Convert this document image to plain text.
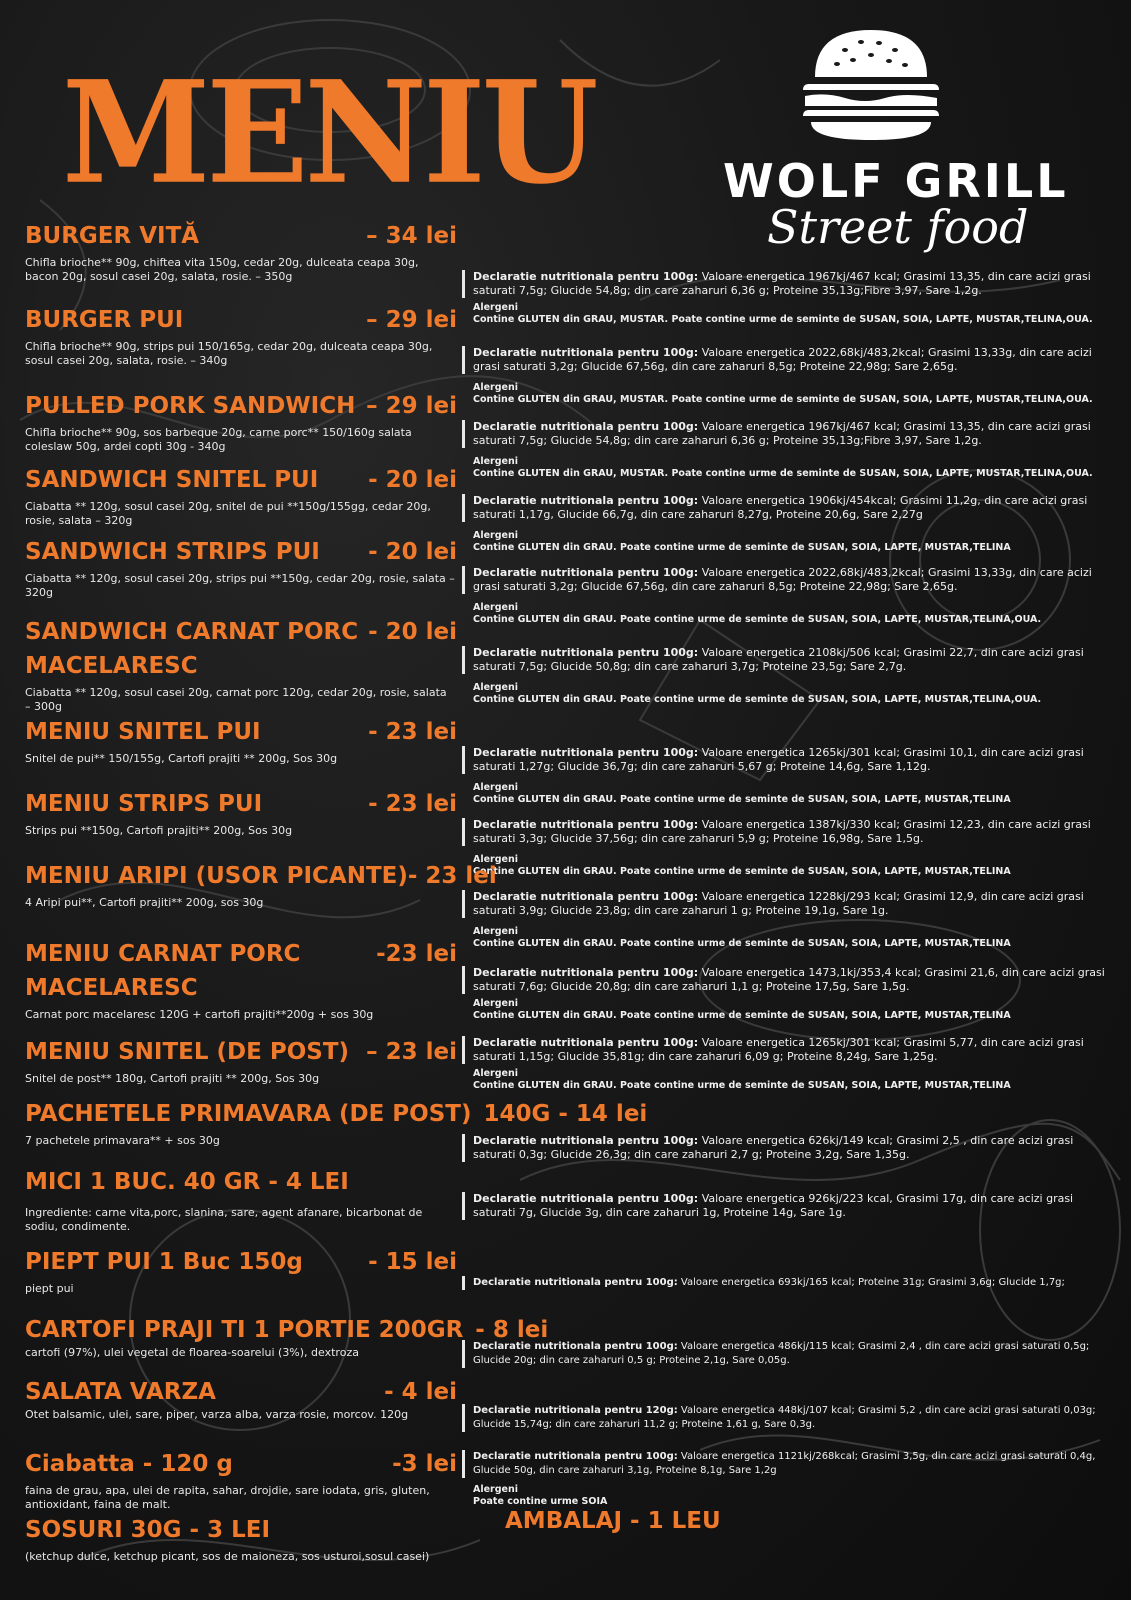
MENIU	WOLF GRILL
Street food
BURGER VITĂ	– 34 lei
Chifla brioche** 90g, chiftea vita 150g, cedar 20g, dulceata ceapa 30g, bacon 20g, sosul casei 20g, salata, rosie. – 350g	Declaratie nutritionala pentru 100g: Valoare energetica 1967kj/467 kcal; Grasimi 13,35, din care acizi grasi saturati 7,5g; Glucide 54,8g; din care zaharuri 6,36 g; Proteine 35,13g;Fibre 3,97, Sare 1,2g.
Alergeni
Contine GLUTEN din GRAU, MUSTAR. Poate contine urme de seminte de SUSAN, SOIA, LAPTE, MUSTAR,TELINA,OUA.
BURGER PUI	– 29 lei
Chifla brioche** 90g, strips pui 150/165g, cedar 20g, dulceata ceapa 30g, sosul casei 20g, salata, rosie. – 340g
Declaratie nutritionala pentru 100g: Valoare energetica 2022,68kj/483,2kcal; Grasimi 13,33g, din care acizi grasi saturati 3,2g; Glucide 67,56g, din care zaharuri 8,5g; Proteine 22,98g; Sare 2,65g.
Alergeni
Contine GLUTEN din GRAU, MUSTAR. Poate contine urme de seminte de SUSAN, SOIA, LAPTE, MUSTAR,TELINA,OUA.
PULLED PORK SANDWICH – 29 lei
Chifla brioche** 90g, sos barbeque 20g, carne porc** 150/160g salata coleslaw 50g, ardei copti 30g - 340g
Declaratie nutritionala pentru 100g: Valoare energetica 1967kj/467 kcal; Grasimi 13,35, din care acizi grasi saturati 7,5g; Glucide 54,8g; din care zaharuri 6,36 g; Proteine 35,13g;Fibre 3,97, Sare 1,2g.
Alergeni
Contine GLUTEN din GRAU, MUSTAR. Poate contine urme de seminte de SUSAN, SOIA, LAPTE, MUSTAR,TELINA,OUA.
SANDWICH SNITEL PUI - 20 lei
Ciabatta ** 120g, sosul casei 20g, snitel de pui **150g/155gg, cedar 20g, rosie, salata – 320g
Declaratie nutritionala pentru 100g: Valoare energetica 1906kj/454kcal; Grasimi 11,2g, din care acizi grasi saturati 1,17g, Glucide 66,7g, din care zaharuri 8,27g, Proteine 20,6g, Sare 2,27g
Alergeni
Contine GLUTEN din GRAU. Poate contine urme de seminte de SUSAN, SOIA, LAPTE, MUSTAR,TELINA
SANDWICH STRIPS PUI - 20 lei
Ciabatta ** 120g, sosul casei 20g, strips pui **150g, cedar 20g, rosie, salata – 320g
Declaratie nutritionala pentru 100g: Valoare energetica 2022,68kj/483,2kcal; Grasimi 13,33g, din care acizi grasi saturati 3,2g; Glucide 67,56g, din care zaharuri 8,5g; Proteine 22,98g; Sare 2,65g.
Alergeni
Contine GLUTEN din GRAU. Poate contine urme de seminte de SUSAN, SOIA, LAPTE, MUSTAR,TELINA,OUA.
SANDWICH CARNAT PORC - 20 lei
MACELARESC
Ciabatta ** 120g, sosul casei 20g, carnat porc 120g, cedar 20g, rosie, salata – 300g
Declaratie nutritionala pentru 100g: Valoare energetica 2108kj/506 kcal; Grasimi 22,7, din care acizi grasi saturati 7,5g; Glucide 50,8g; din care zaharuri 3,7g; Proteine 23,5g; Sare 2,7g.
Alergeni
Contine GLUTEN din GRAU. Poate contine urme de seminte de SUSAN, SOIA, LAPTE, MUSTAR,TELINA,OUA.
MENIU SNITEL PUI	- 23 lei
Snitel de pui** 150/155g, Cartofi prajiti ** 200g, Sos 30g	Declaratie nutritionala pentru 100g: Valoare energetica 1265kj/301 kcal; Grasimi 10,1, din care acizi grasi saturati 1,27g; Glucide 36,7g; din care zaharuri 5,67 g; Proteine 14,6g, Sare 1,12g.
Alergeni
Contine GLUTEN din GRAU. Poate contine urme de seminte de SUSAN, SOIA, LAPTE, MUSTAR,TELINA
MENIU STRIPS PUI	- 23 lei
Strips pui **150g, Cartofi prajiti** 200g, Sos 30g	Declaratie nutritionala pentru 100g: Valoare energetica 1387kj/330 kcal; Grasimi 12,23, din care acizi grasi saturati 3,3g; Glucide 37,56g; din care zaharuri 5,9 g; Proteine 16,98g, Sare 1,5g.
Alergeni
Contine GLUTEN din GRAU. Poate contine urme de seminte de SUSAN, SOIA, LAPTE, MUSTAR,TELINA
MENIU ARIPI (USOR PICANTE) - 23 lei
4 Aripi pui**, Cartofi prajiti** 200g, sos 30g	Declaratie nutritionala pentru 100g: Valoare energetica 1228kj/293 kcal; Grasimi 12,9, din care acizi grasi saturati 3,9g; Glucide 23,8g; din care zaharuri 1 g; Proteine 19,1g, Sare 1g.
Alergeni
Contine GLUTEN din GRAU. Poate contine urme de seminte de SUSAN, SOIA, LAPTE, MUSTAR,TELINA
MENIU CARNAT PORC	-23 lei
MACELARESC
Carnat porc macelaresc 120G + cartofi prajiti**200g + sos 30g
Declaratie nutritionala pentru 100g: Valoare energetica 1473,1kj/353,4 kcal; Grasimi 21,6, din care acizi grasi saturati 7,6g; Glucide 20,8g; din care zaharuri 1,1 g; Proteine 17,5g, Sare 1,5g.
Alergeni
Contine GLUTEN din GRAU. Poate contine urme de seminte de SUSAN, SOIA, LAPTE, MUSTAR,TELINA
MENIU SNITEL (DE POST) – 23 lei
Snitel de post** 180g, Cartofi prajiti ** 200g, Sos 30g
Declaratie nutritionala pentru 100g: Valoare energetica 1265kj/301 kcal; Grasimi 5,77, din care acizi grasi saturati 1,15g; Glucide 35,81g; din care zaharuri 6,09 g; Proteine 8,24g, Sare 1,25g.
Alergeni
Contine GLUTEN din GRAU. Poate contine urme de seminte de SUSAN, SOIA, LAPTE, MUSTAR,TELINA
PACHETELE PRIMAVARA (DE POST) 140G - 14 lei
7 pachetele primavara** + sos 30g	Declaratie nutritionala pentru 100g: Valoare energetica 626kj/149 kcal; Grasimi 2,5 , din care acizi grasi saturati 0,3g; Glucide 26,3g; din care zaharuri 2,7 g; Proteine 3,2g, Sare 1,35g.
MICI 1 BUC. 40 GR - 4 LEI
Ingrediente: carne vita,porc, slanina, sare, agent afanare, bicarbonat de sodiu, condimente.
Declaratie nutritionala pentru 100g: Valoare energetica 926kj/223 kcal, Grasimi 17g, din care acizi grasi saturati 7g, Glucide 3g, din care zaharuri 1g, Proteine 14g, Sare 1g.
PIEPT PUI 1 Buc 150g	- 15 lei
piept pui	Declaratie nutritionala pentru 100g: Valoare energetica 693kj/165 kcal; Proteine 31g; Grasimi 3,6g; Glucide 1,7g;
CARTOFI PRAJI TI 1 PORTIE 200GR - 8 lei
cartofi (97%), ulei vegetal de floarea-soarelui (3%), dextroza	Declaratie nutritionala pentru 100g: Valoare energetica 486kj/115 kcal; Grasimi 2,4 , din care acizi grasi saturati 0,5g; Glucide 20g; din care zaharuri 0,5 g; Proteine 2,1g, Sare 0,05g.
SALATA VARZA	- 4 lei
Otet balsamic, ulei, sare, piper, varza alba, varza rosie, morcov. 120g	Declaratie nutritionala pentru 120g: Valoare energetica 448kj/107 kcal; Grasimi 5,2 , din care acizi grasi saturati 0,03g; Glucide 15,74g; din care zaharuri 11,2 g; Proteine 1,61 g, Sare 0,3g.
Ciabatta - 120 g	-3 lei
faina de grau, apa, ulei de rapita, sahar, drojdie, sare iodata, gris, gluten, antioxidant, faina de malt.
Declaratie nutritionala pentru 100g: Valoare energetica 1121kj/268kcal; Grasimi 3,5g, din care acizi grasi saturati 0,4g, Glucide 50g, din care zaharuri 3,1g, Proteine 8,1g, Sare 1,2g
Alergeni
Poate contine urme SOIA
SOSURI 30G - 3 LEI
(ketchup dulce, ketchup picant, sos de maioneza, sos usturoi,sosul casei)
AMBALAJ - 1 LEU
